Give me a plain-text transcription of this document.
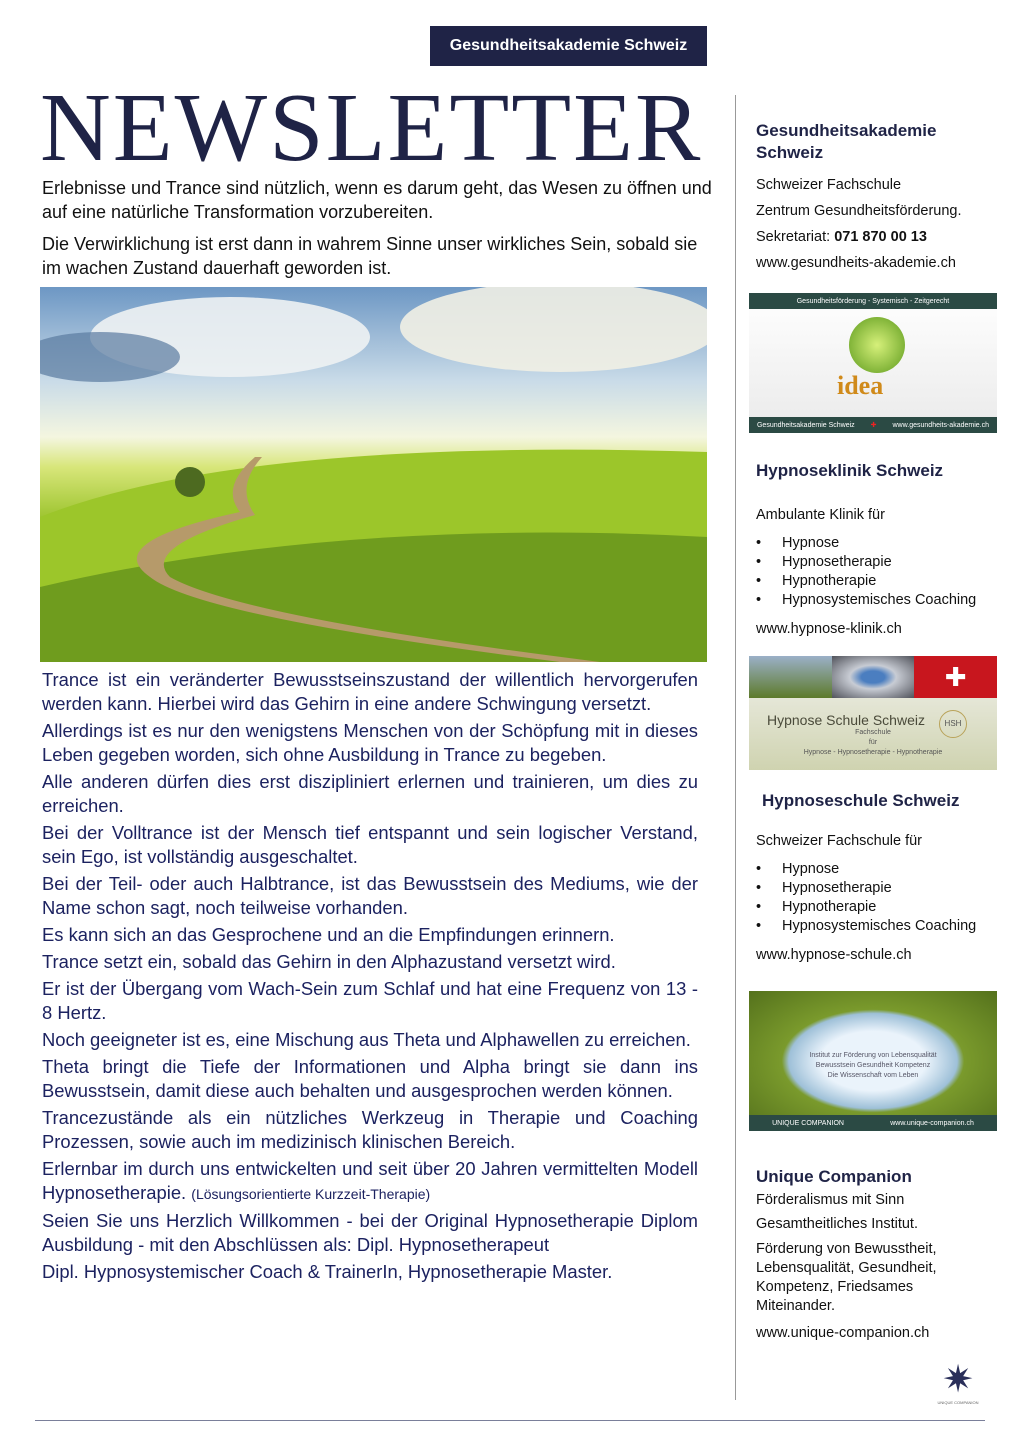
Gesundheitsakademie Schweiz
NEWSLETTER

Erlebnisse und Trance sind nützlich, wenn es darum geht, das Wesen zu öffnen und auf eine natürliche Transformation vorzubereiten.

Die Verwirklichung ist erst dann in wahrem Sinne unser wirkliches Sein, sobald sie im wachen Zustand dauerhaft geworden ist.

Trance ist ein veränderter Bewusstseinszustand der willentlich hervorgerufen werden kann. Hierbei wird das Gehirn in eine andere Schwingung versetzt.

Allerdings ist es nur den wenigstens Menschen von der Schöpfung mit in dieses Leben gegeben worden, sich ohne Ausbildung in Trance zu begeben.

Alle anderen dürfen dies erst diszipliniert erlernen und trainieren, um dies zu erreichen.

Bei der Volltrance ist der Mensch tief entspannt und sein logischer Verstand, sein Ego, ist vollständig ausgeschaltet.

Bei der Teil- oder auch Halbtrance, ist das Bewusstsein des Mediums, wie der Name schon sagt, noch teilweise vorhanden.

Es kann sich an das Gesprochene und an die Empfindungen erinnern.

Trance setzt ein, sobald das Gehirn in den Alphazustand versetzt wird.

Er ist der Übergang vom Wach-Sein zum Schlaf und hat eine Frequenz von 13 - 8 Hertz.

Noch geeigneter ist es, eine Mischung aus Theta und Alphawellen zu erreichen.

Theta bringt die Tiefe der Informationen und Alpha bringt sie dann ins Bewusstsein, damit diese auch behalten und ausgesprochen werden können.

Trancezustände als ein nützliches Werkzeug in Therapie und Coaching Prozessen, sowie auch im medizinisch klinischen Bereich.

Erlernbar im durch uns entwickelten und seit über 20 Jahren vermittelten Modell Hypnosetherapie. (Lösungsorientierte Kurzzeit-Therapie)

Seien Sie uns Herzlich Willkommen - bei der Original Hypnosetherapie Diplom Ausbildung - mit den Abschlüssen als: Dipl. Hypnosetherapeut

Dipl. Hypnosystemischer Coach & TrainerIn, Hypnosetherapie Master.

Gesundheitsakademie Schweiz

Schweizer Fachschule

Zentrum Gesundheitsförderung.

Sekretariat: 071 870 00 13

www.gesundheits-akademie.ch

Gesundheitsförderung - Systemisch - Zeitgerecht
idea
Gesundheitsakademie Schweiz ✚ www.gesundheits-akademie.ch
Hypnoseklinik Schweiz

Ambulante Klinik für

• Hypnose
• Hypnosetherapie
• Hypnotherapie
• Hypnosystemisches Coaching

www.hypnose-klinik.ch

✚
Hypnose Schule Schweiz	HSH
Fachschule
für
Hypnose - Hypnosetherapie - Hypnotherapie
Hypnoseschule Schweiz

Schweizer Fachschule für

• Hypnose
• Hypnosetherapie
• Hypnotherapie
• Hypnosystemisches Coaching

www.hypnose-schule.ch

Institut zur Förderung von Lebensqualität
Bewusstsein Gesundheit Kompetenz
Die Wissenschaft vom Leben
UNIQUE COMPANION	www.unique-companion.ch
Unique Companion

Förderalismus mit Sinn

Gesamtheitliches Institut.

Förderung von Bewusstheit, Lebensqualität, Gesundheit, Kompetenz, Friedsames Miteinander.

www.unique-companion.ch

✷
UNIQUE COMPANION
